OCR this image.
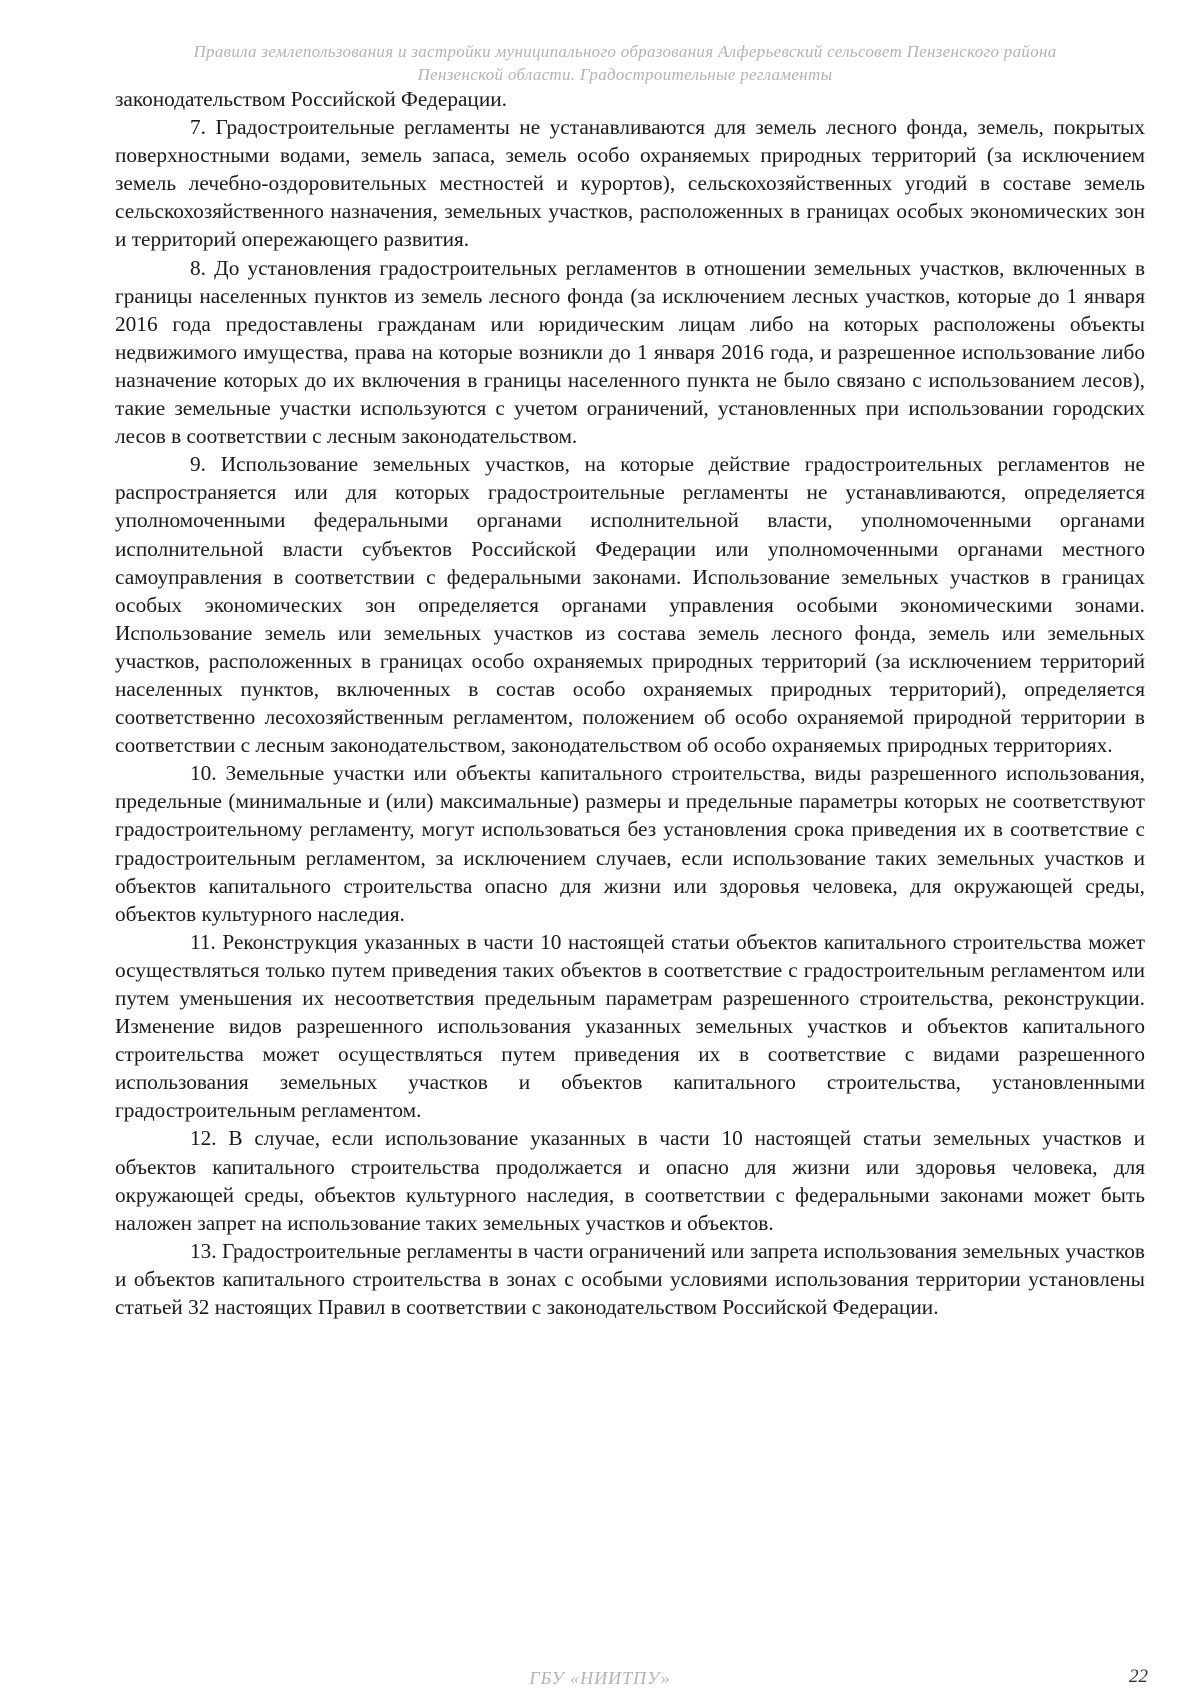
Правила землепользования и застройки муниципального образования Алферьевский сельсовет Пензенского района
Пензенской области. Градостроительные регламенты

законодательством Российской Федерации.

7. Градостроительные регламенты не устанавливаются для земель лесного фонда, земель, покрытых поверхностными водами, земель запаса, земель особо охраняемых природных территорий (за исключением земель лечебно-оздоровительных местностей и курортов), сельскохозяйственных угодий в составе земель сельскохозяйственного назначения, земельных участков, расположенных в границах особых экономических зон и территорий опережающего развития.

8. До установления градостроительных регламентов в отношении земельных участков, включенных в границы населенных пунктов из земель лесного фонда (за исключением лесных участков, которые до 1 января 2016 года предоставлены гражданам или юридическим лицам либо на которых расположены объекты недвижимого имущества, права на которые возникли до 1 января 2016 года, и разрешенное использование либо назначение которых до их включения в границы населенного пункта не было связано с использованием лесов), такие земельные участки используются с учетом ограничений, установленных при использовании городских лесов в соответствии с лесным законодательством.

9. Использование земельных участков, на которые действие градостроительных регламентов не распространяется или для которых градостроительные регламенты не устанавливаются, определяется уполномоченными федеральными органами исполнительной власти, уполномоченными органами исполнительной власти субъектов Российской Федерации или уполномоченными органами местного самоуправления в соответствии с федеральными законами. Использование земельных участков в границах особых экономических зон определяется органами управления особыми экономическими зонами. Использование земель или земельных участков из состава земель лесного фонда, земель или земельных участков, расположенных в границах особо охраняемых природных территорий (за исключением территорий населенных пунктов, включенных в состав особо охраняемых природных территорий), определяется соответственно лесохозяйственным регламентом, положением об особо охраняемой природной территории в соответствии с лесным законодательством, законодательством об особо охраняемых природных территориях.

10. Земельные участки или объекты капитального строительства, виды разрешенного использования, предельные (минимальные и (или) максимальные) размеры и предельные параметры которых не соответствуют градостроительному регламенту, могут использоваться без установления срока приведения их в соответствие с градостроительным регламентом, за исключением случаев, если использование таких земельных участков и объектов капитального строительства опасно для жизни или здоровья человека, для окружающей среды, объектов культурного наследия.

11. Реконструкция указанных в части 10 настоящей статьи объектов капитального строительства может осуществляться только путем приведения таких объектов в соответствие с градостроительным регламентом или путем уменьшения их несоответствия предельным параметрам разрешенного строительства, реконструкции. Изменение видов разрешенного использования указанных земельных участков и объектов капитального строительства может осуществляться путем приведения их в соответствие с видами разрешенного использования земельных участков и объектов капитального строительства, установленными градостроительным регламентом.

12. В случае, если использование указанных в части 10 настоящей статьи земельных участков и объектов капитального строительства продолжается и опасно для жизни или здоровья человека, для окружающей среды, объектов культурного наследия, в соответствии с федеральными законами может быть наложен запрет на использование таких земельных участков и объектов.

13. Градостроительные регламенты в части ограничений или запрета использования земельных участков и объектов капитального строительства в зонах с особыми условиями использования территории установлены статьей 32 настоящих Правил в соответствии с законодательством Российской Федерации.

ГБУ «НИИТПУ»	22
